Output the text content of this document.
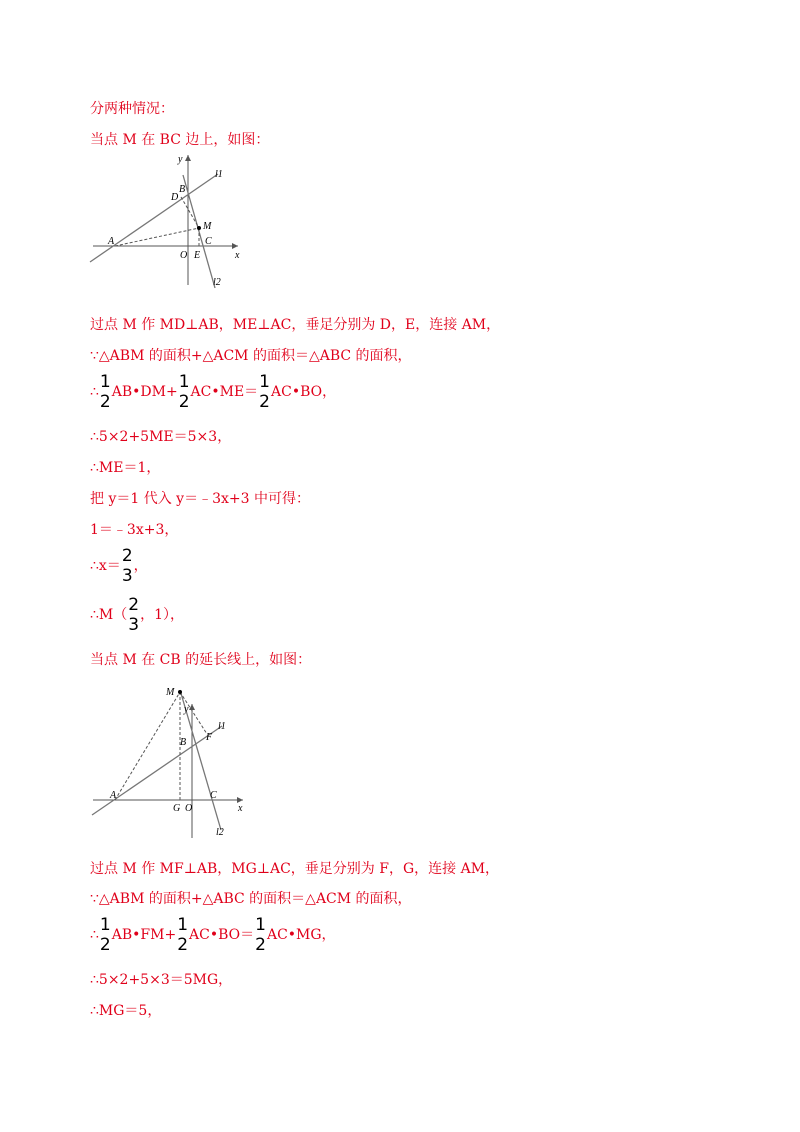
分两种情况：
当点 M 在 BC 边上，如图：
y
l1
B
D
M
A
O E
C
x
l2
过点 M 作 MD⊥AB，ME⊥AC，垂足分别为 D，E，连接 AM，
∵△ABM 的面积+△ACM 的面积＝△ABC 的面积，
∴ 1
2 AB•DM+ 1
2 AC•ME＝ 1
2 AC•BO，
∴5×2+5ME＝5×3，
∴ME＝1，
把 y＝1 代入 y＝﹣3x+3 中可得：
1＝﹣3x+3，
∴x＝ 2
3 ，
∴M（ 2
3 ，1），
当点 M 在 CB 的延长线上，如图：
M
y
F
l1
B
A
G O
C
x
l2
过点 M 作 MF⊥AB，MG⊥AC，垂足分别为 F，G，连接 AM，
∵△ABM 的面积+△ABC 的面积＝△ACM 的面积，
∴ 1
2 AB•FM+ 1
2 AC•BO＝ 1
2 AC•MG，
∴5×2+5×3＝5MG，
∴MG＝5，
